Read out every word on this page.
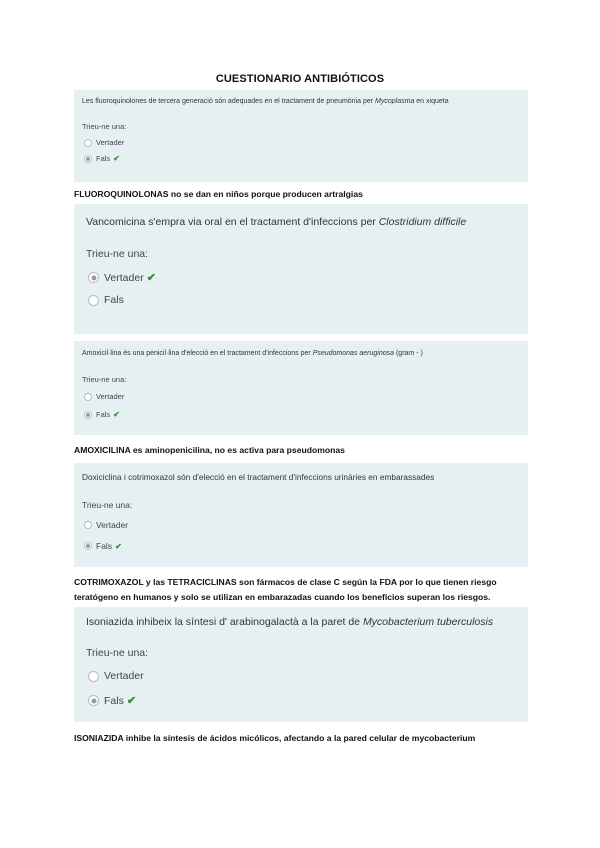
CUESTIONARIO ANTIBIÓTICOS
Les fluoroquinolones de tercera generació són adequades en el tractament de pneumònia per Mycoplasma en xiqueta
Trieu-ne una:
Vertader
Fals ✔
FLUOROQUINOLONAS no se dan en niños porque producen artralgias
Vancomicina s'empra via oral en el tractament d'infeccions per Clostridium difficile
Trieu-ne una:
Vertader ✔
Fals
Amoxicil·lina és una penicil·lina d'elecció en el tractament d'infeccions per Pseudomonas aeruginosa (gram - )
Trieu-ne una:
Vertader
Fals ✔
AMOXICILINA es aminopenicilina, no es activa para pseudomonas
Doxiciclina i cotrimoxazol són d'elecció en el tractament d'infeccions urinàries en embarassades
Trieu-ne una:
Vertader
Fals ✔
COTRIMOXAZOL y las TETRACICLINAS son fármacos de clase C según la FDA por lo que tienen riesgo
teratógeno en humanos y solo se utilizan en embarazadas cuando los beneficios superan los riesgos.
Isoniazida inhibeix la síntesi d' arabinogalactà a la paret de Mycobacterium tuberculosis
Trieu-ne una:
Vertader
Fals ✔
ISONIAZIDA inhibe la síntesis de ácidos micólicos, afectando a la pared celular de mycobacterium
